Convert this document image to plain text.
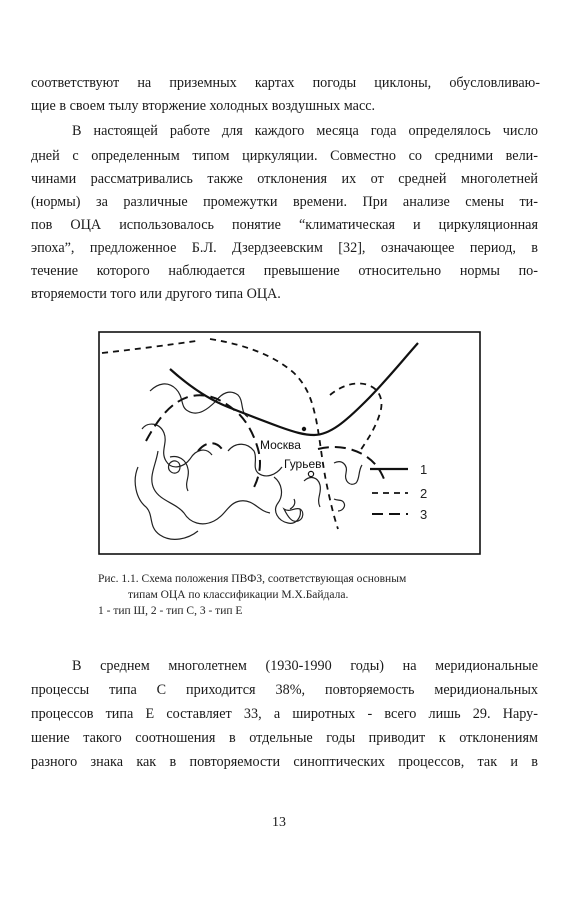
соответствуют на приземных картах погоды циклоны, обусловливаю-
щие в своем тылу вторжение холодных воздушных масс.
В настоящей работе для каждого месяца года определялось число
дней с определенным типом циркуляции. Совместно со средними вели-
чинами рассматривались также отклонения их от средней многолетней
(нормы) за различные промежутки времени. При анализе смены ти-
пов ОЦА использовалось понятие “климатическая и циркуляционная
эпоха”, предложенное Б.Л. Дзердзеевским [32], означающее период, в
течение которого наблюдается превышение относительно нормы по-
вторяемости того или другого типа ОЦА.
Москва
Гурьев	1
2
3
Рис. 1.1. Схема положения ПВФЗ, соответствующая основным
типам ОЦА по классификации М.Х.Байдала.
1 - тип Ш, 2 - тип С, 3 - тип Е
В среднем многолетнем (1930-1990 годы) на меридиональные
процессы типа С приходится 38%, повторяемость меридиональных
процессов типа Е составляет 33, а широтных - всего лишь 29. Нару-
шение такого соотношения в отдельные годы приводит к отклонениям
разного знака как в повторяемости синоптических процессов, так и в
13
